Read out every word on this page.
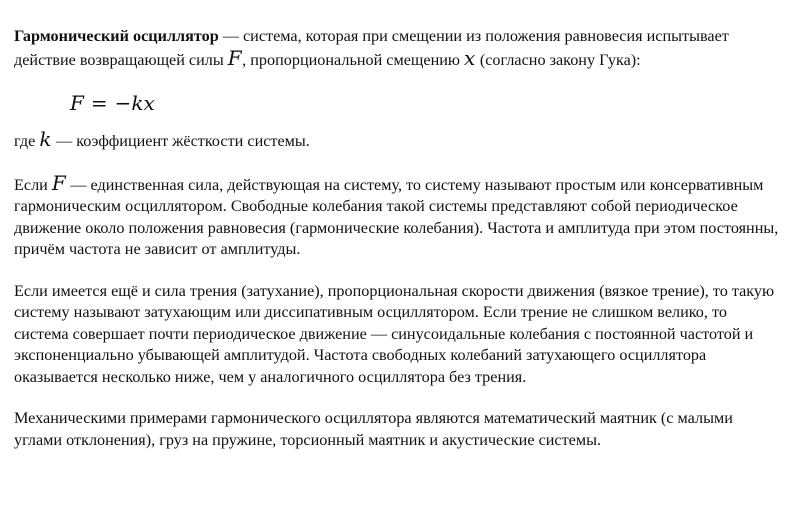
Гармонический осциллятор — система, которая при смещении из положения равновесия испытывает действие возвращающей силы F, пропорциональной смещению x (согласно закону Гука):

F = −kx

где k — коэффициент жёсткости системы.

Если F — единственная сила, действующая на систему, то систему называют простым или консервативным гармоническим осциллятором. Свободные колебания такой системы представляют собой периодическое движение около положения равновесия (гармонические колебания). Частота и амплитуда при этом постоянны, причём частота не зависит от амплитуды.

Если имеется ещё и сила трения (затухание), пропорциональная скорости движения (вязкое трение), то такую систему называют затухающим или диссипативным осциллятором. Если трение не слишком велико, то система совершает почти периодическое движение — синусоидальные колебания с постоянной частотой и экспоненциально убывающей амплитудой. Частота свободных колебаний затухающего осциллятора оказывается несколько ниже, чем у аналогичного осциллятора без трения.

Механическими примерами гармонического осциллятора являются математический маятник (с малыми углами отклонения), груз на пружине, торсионный маятник и акустические системы.
